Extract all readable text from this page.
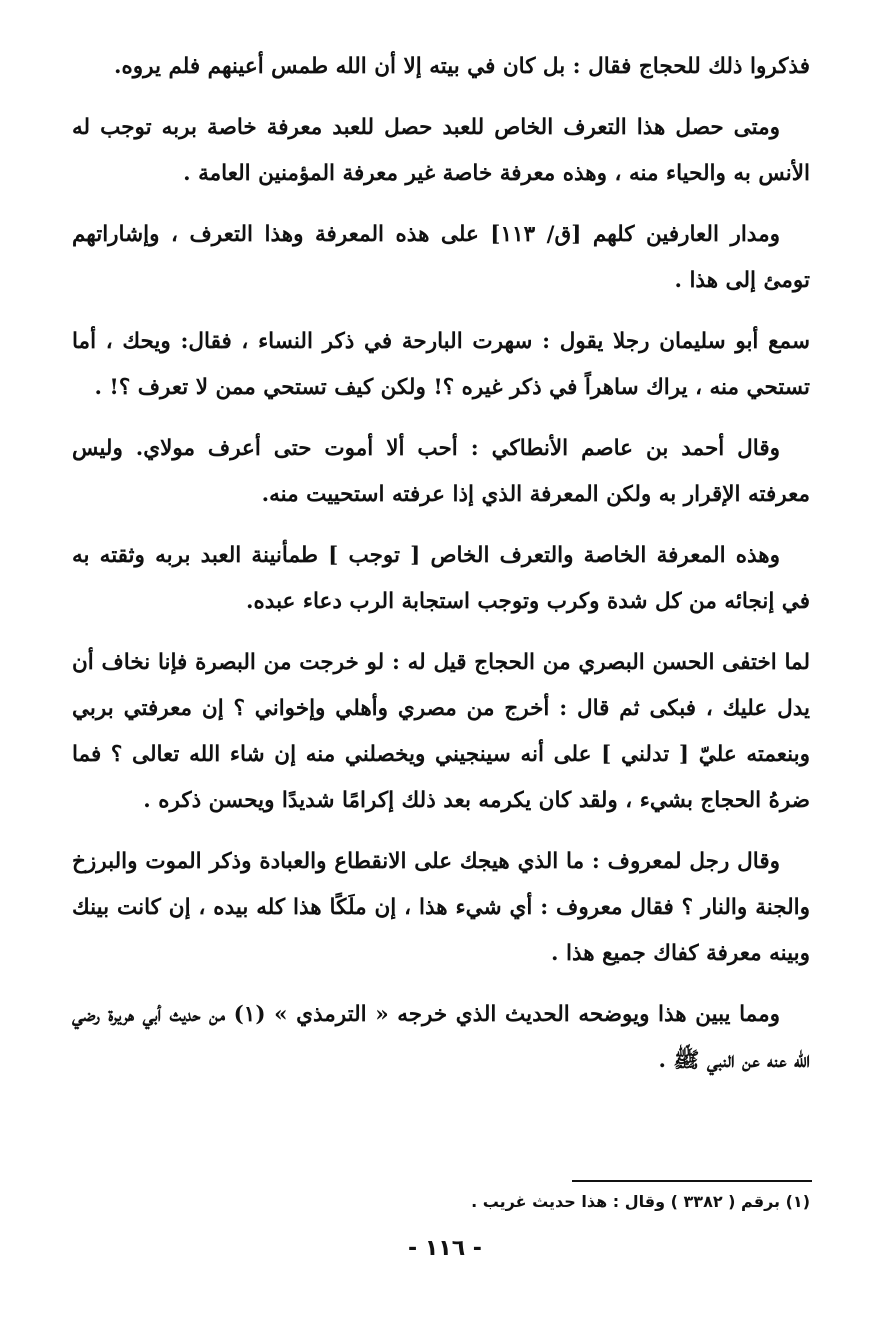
فذكروا ذلك للحجاج فقال : بل كان في بيته إلا أن الله طمس أعينهم فلم يروه.

ومتى حصل هذا التعرف الخاص للعبد حصل للعبد معرفة خاصة بربه توجب له الأنس به والحياء منه ، وهذه معرفة خاصة غير معرفة المؤمنين العامة .

ومدار العارفين كلهم [ق/ ١١٣] على هذه المعرفة وهذا التعرف ، وإشاراتهم تومئ إلى هذا .

سمع أبو سليمان رجلا يقول : سهرت البارحة في ذكر النساء ، فقال: ويحك ، أما تستحي منه ، يراك ساهراً في ذكر غيره ؟! ولكن كيف تستحي ممن لا تعرف ؟! .

وقال أحمد بن عاصم الأنطاكي : أحب ألا أموت حتى أعرف مولاي. وليس معرفته الإقرار به ولكن المعرفة الذي إذا عرفته استحييت منه.

وهذه المعرفة الخاصة والتعرف الخاص [ توجب ] طمأنينة العبد بربه وثقته به في إنجائه من كل شدة وكرب وتوجب استجابة الرب دعاء عبده.

لما اختفى الحسن البصري من الحجاج قيل له : لو خرجت من البصرة فإنا نخاف أن يدل عليك ، فبكى ثم قال : أخرج من مصري وأهلي وإخواني ؟ إن معرفتي بربي وبنعمته عليّ [ تدلني ] على أنه سينجيني ويخصلني منه إن شاء الله تعالى ؟ فما ضرهُ الحجاج بشيء ، ولقد كان يكرمه بعد ذلك إكرامًا شديدًا ويحسن ذكره .

وقال رجل لمعروف : ما الذي هيجك على الانقطاع والعبادة وذكر الموت والبرزخ والجنة والنار ؟ فقال معروف : أي شيء هذا ، إن ملَكًا هذا كله بيده ، إن كانت بينك وبينه معرفة كفاك جميع هذا .

ومما يبين هذا ويوضحه الحديث الذي خرجه « الترمذي » (١) من حديث أبي هريرة رضي الله عنه عن النبي ﷺ .

(١) برقم ( ٣٣٨٢ ) وقال : هذا حديث غريب .
- ١١٦ -
